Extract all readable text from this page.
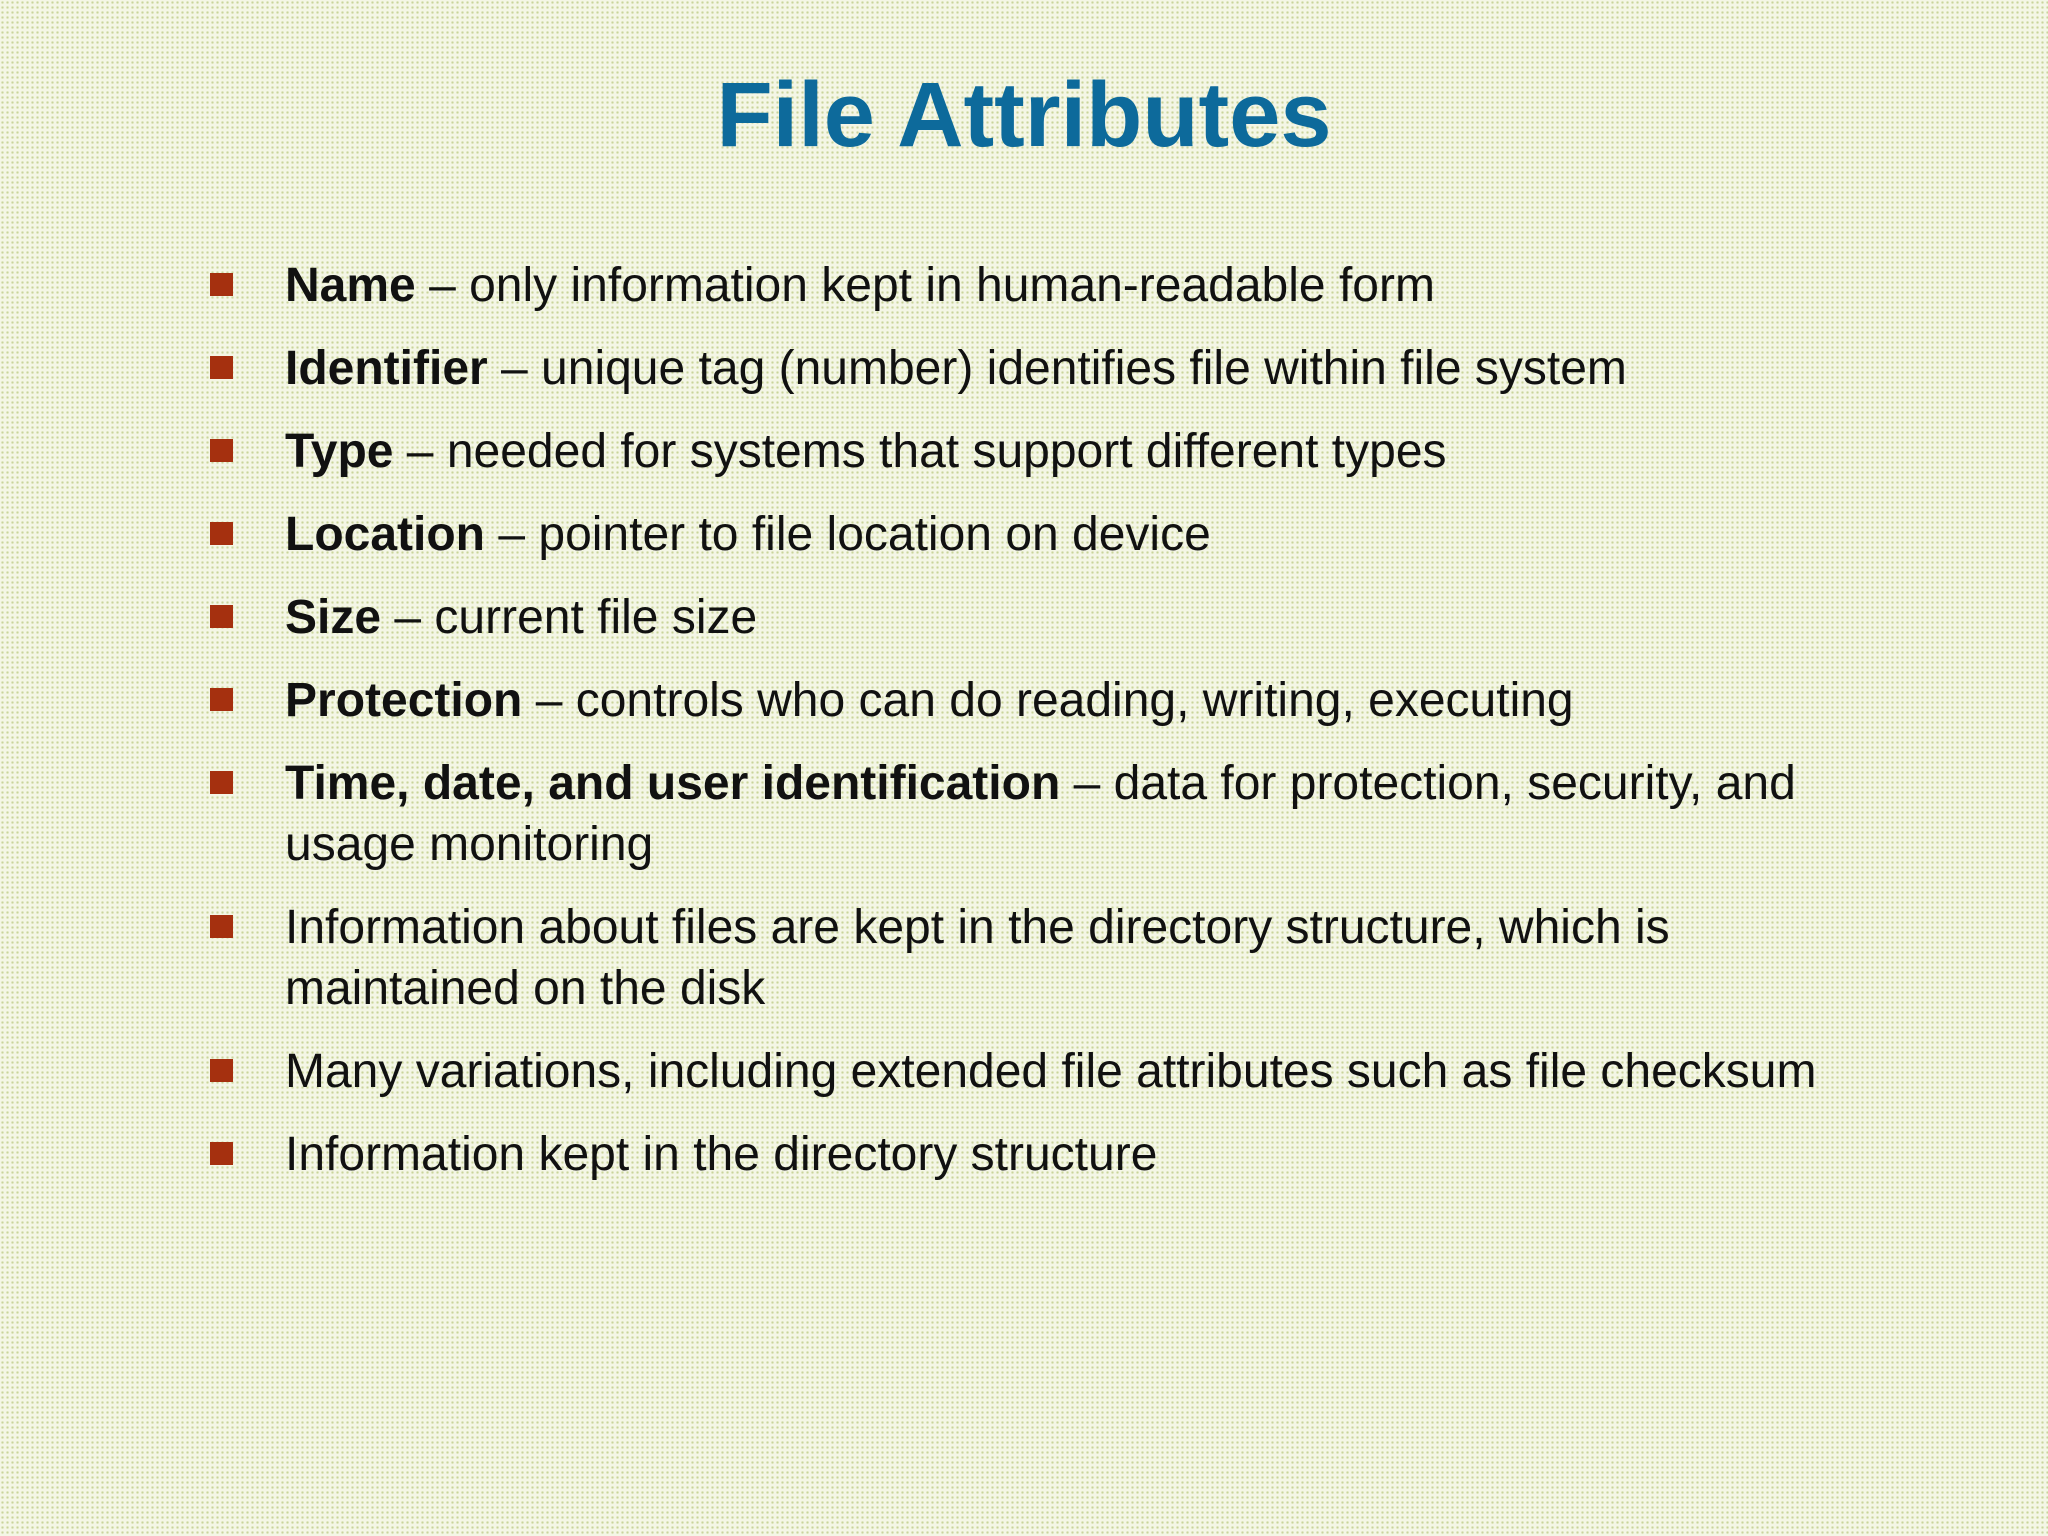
File Attributes
Name – only information kept in human-readable form
Identifier – unique tag (number) identifies file within file system
Type – needed for systems that support different types
Location – pointer to file location on device
Size – current file size
Protection – controls who can do reading, writing, executing
Time, date, and user identification – data for protection, security, and usage monitoring
Information about files are kept in the directory structure, which is maintained on the disk
Many variations, including extended file attributes such as file checksum
Information kept in the directory structure
